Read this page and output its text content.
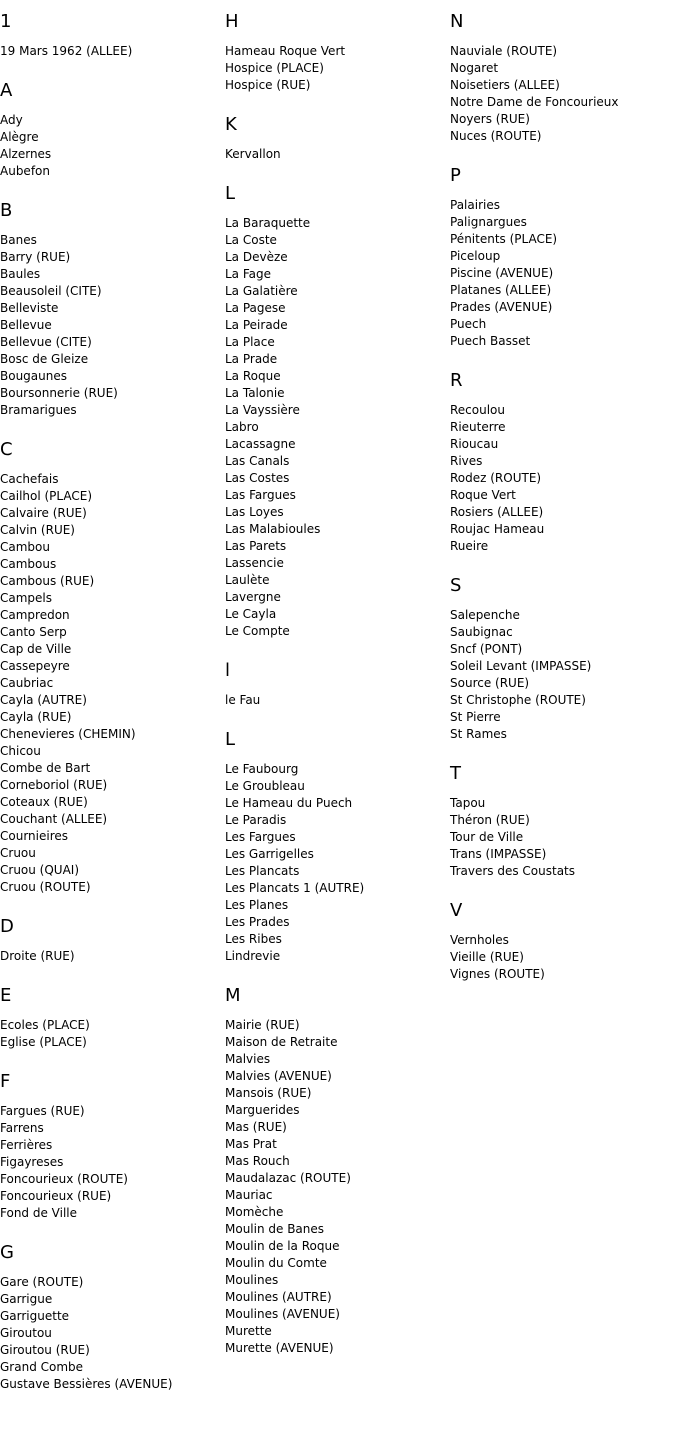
1
19 Mars 1962 (ALLEE)
A
Ady
Alègre
Alzernes
Aubefon
B
Banes
Barry (RUE)
Baules
Beausoleil (CITE)
Belleviste
Bellevue
Bellevue (CITE)
Bosc de Gleize
Bougaunes
Boursonnerie (RUE)
Bramarigues
C
Cachefais
Cailhol (PLACE)
Calvaire (RUE)
Calvin (RUE)
Cambou
Cambous
Cambous (RUE)
Campels
Campredon
Canto Serp
Cap de Ville
Cassepeyre
Caubriac
Cayla (AUTRE)
Cayla (RUE)
Chenevieres (CHEMIN)
Chicou
Combe de Bart
Corneboriol (RUE)
Coteaux (RUE)
Couchant (ALLEE)
Cournieires
Cruou
Cruou (QUAI)
Cruou (ROUTE)
D
Droite (RUE)
E
Ecoles (PLACE)
Eglise (PLACE)
F
Fargues (RUE)
Farrens
Ferrières
Figayreses
Foncourieux (ROUTE)
Foncourieux (RUE)
Fond de Ville
G
Gare (ROUTE)
Garrigue
Garriguette
Giroutou
Giroutou (RUE)
Grand Combe
Gustave Bessières (AVENUE)
H
Hameau Roque Vert
Hospice (PLACE)
Hospice (RUE)
K
Kervallon
L
La Baraquette
La Coste
La Devèze
La Fage
La Galatière
La Pagese
La Peirade
La Place
La Prade
La Roque
La Talonie
La Vayssière
Labro
Lacassagne
Las Canals
Las Costes
Las Fargues
Las Loyes
Las Malabioules
Las Parets
Lassencie
Laulète
Lavergne
Le Cayla
Le Compte
l
le Fau
L
Le Faubourg
Le Groubleau
Le Hameau du Puech
Le Paradis
Les Fargues
Les Garrigelles
Les Plancats
Les Plancats 1 (AUTRE)
Les Planes
Les Prades
Les Ribes
Lindrevie
M
Mairie (RUE)
Maison de Retraite
Malvies
Malvies (AVENUE)
Mansois (RUE)
Marguerides
Mas (RUE)
Mas Prat
Mas Rouch
Maudalazac (ROUTE)
Mauriac
Momèche
Moulin de Banes
Moulin de la Roque
Moulin du Comte
Moulines
Moulines (AUTRE)
Moulines (AVENUE)
Murette
Murette (AVENUE)
N
Nauviale (ROUTE)
Nogaret
Noisetiers (ALLEE)
Notre Dame de Foncourieux
Noyers (RUE)
Nuces (ROUTE)
P
Palairies
Palignargues
Pénitents (PLACE)
Piceloup
Piscine (AVENUE)
Platanes (ALLEE)
Prades (AVENUE)
Puech
Puech Basset
R
Recoulou
Rieuterre
Rioucau
Rives
Rodez (ROUTE)
Roque Vert
Rosiers (ALLEE)
Roujac Hameau
Rueire
S
Salepenche
Saubignac
Sncf (PONT)
Soleil Levant (IMPASSE)
Source (RUE)
St Christophe (ROUTE)
St Pierre
St Rames
T
Tapou
Théron (RUE)
Tour de Ville
Trans (IMPASSE)
Travers des Coustats
V
Vernholes
Vieille (RUE)
Vignes (ROUTE)
